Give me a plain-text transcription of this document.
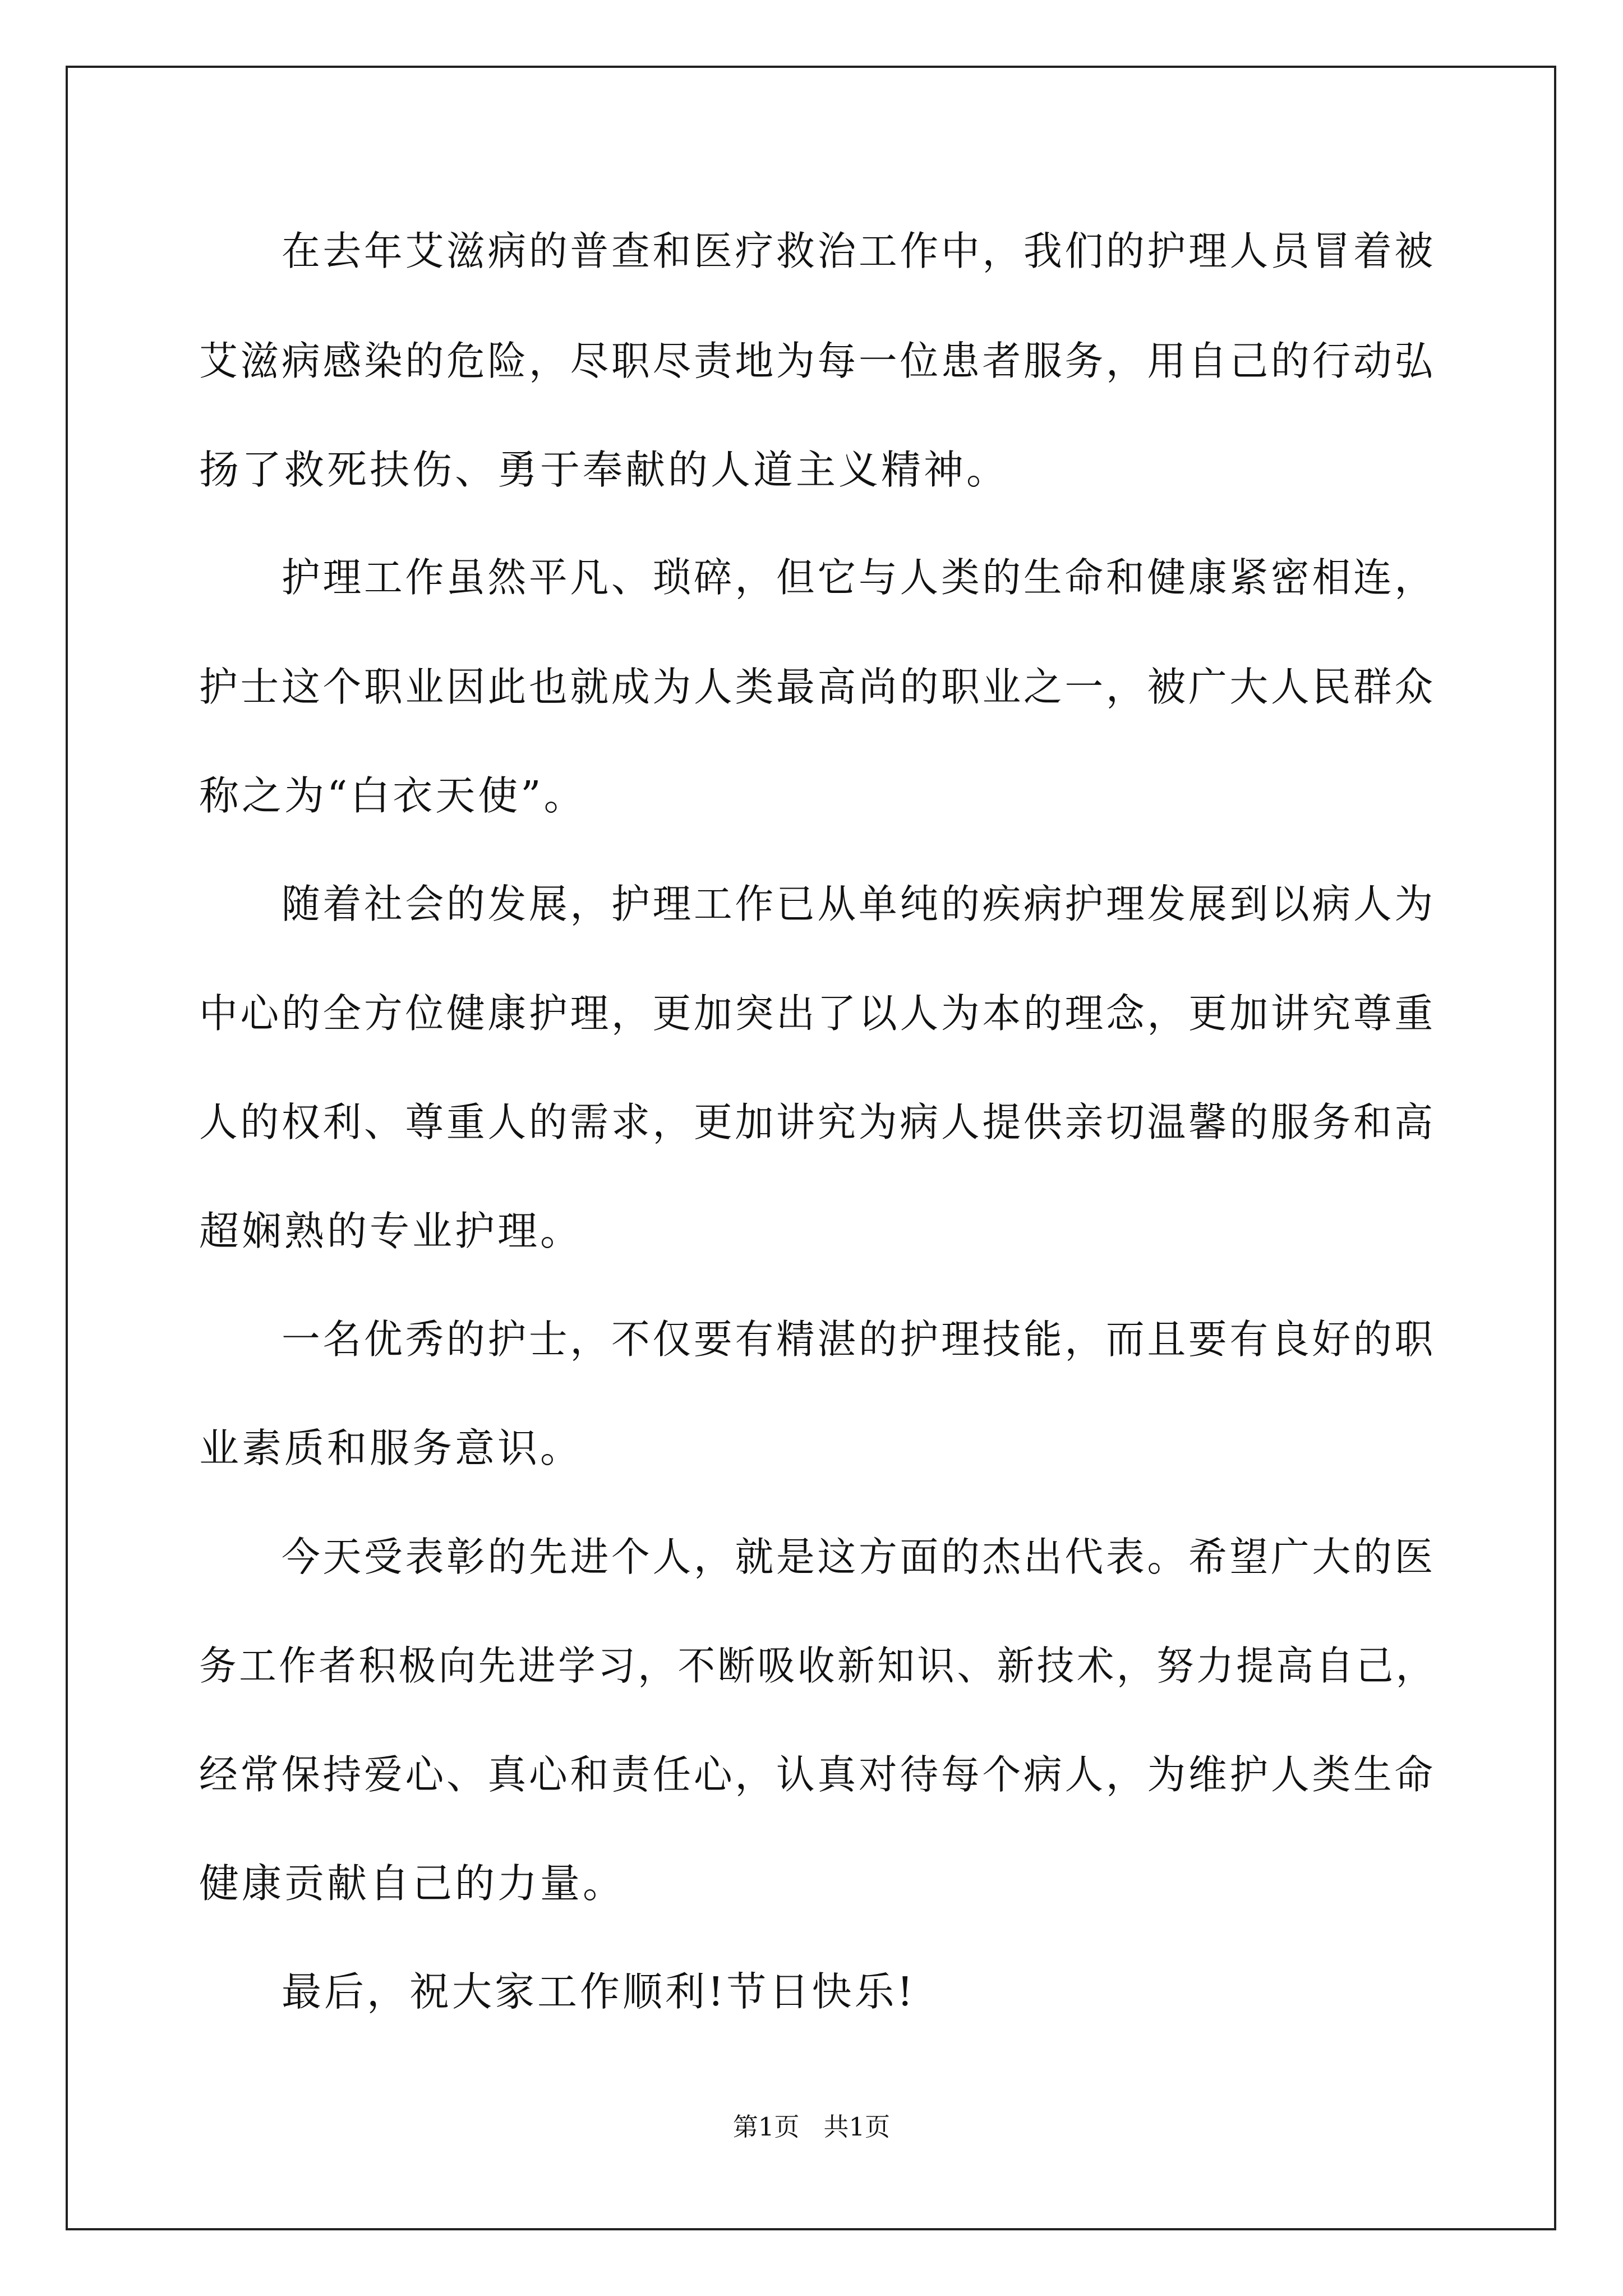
在去年艾滋病的普查和医疗救治工作中，我们的护理人员冒着被
艾滋病感染的危险，尽职尽责地为每一位患者服务，用自己的行动弘
扬了救死扶伤、勇于奉献的人道主义精神。
护理工作虽然平凡、琐碎，但它与人类的生命和健康紧密相连，
护士这个职业因此也就成为人类最高尚的职业之一，被广大人民群众
称之为“白衣天使”。
随着社会的发展，护理工作已从单纯的疾病护理发展到以病人为
中心的全方位健康护理，更加突出了以人为本的理念，更加讲究尊重
人的权利、尊重人的需求，更加讲究为病人提供亲切温馨的服务和高
超娴熟的专业护理。
一名优秀的护士，不仅要有精湛的护理技能，而且要有良好的职
业素质和服务意识。
今天受表彰的先进个人，就是这方面的杰出代表。希望广大的医
务工作者积极向先进学习，不断吸收新知识、新技术，努力提高自己，
经常保持爱心、真心和责任心，认真对待每个病人，为维护人类生命
健康贡献自己的力量。
最后，祝大家工作顺利!节日快乐!
第1页   共1页
